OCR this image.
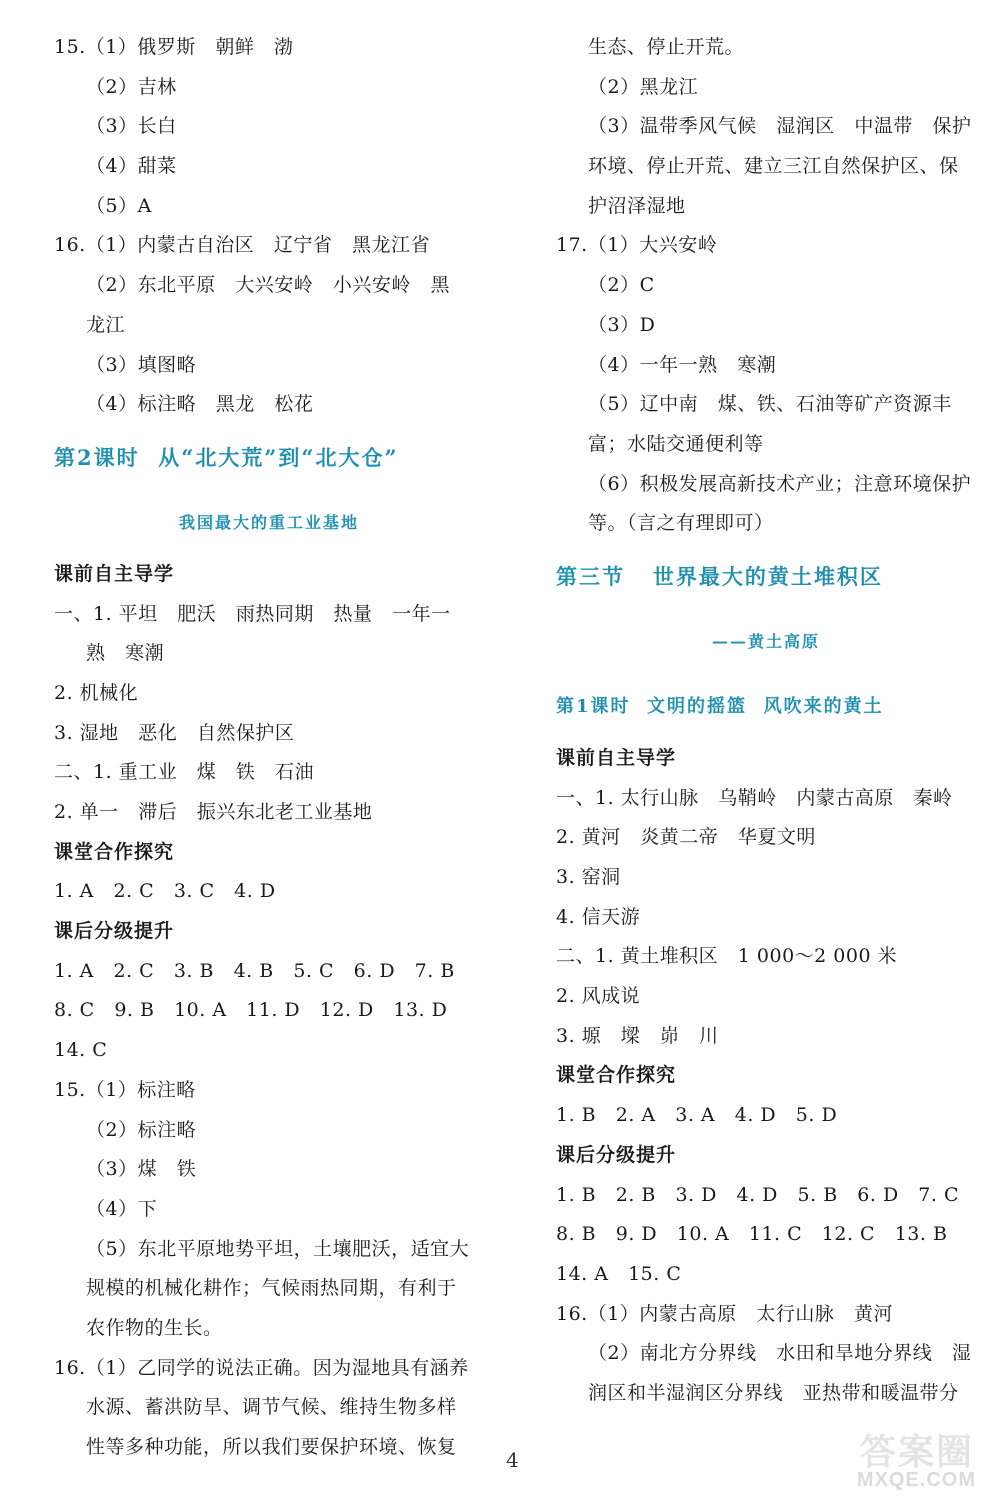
15.（1）俄罗斯   朝鲜   渤
（2）吉林
（3）长白
（4）甜菜
（5）A
16.（1）内蒙古自治区   辽宁省   黑龙江省
（2）东北平原   大兴安岭   小兴安岭   黑
龙江
（3）填图略
（4）标注略   黑龙   松花
第2课时  从“北大荒”到“北大仓”
我国最大的重工业基地
课前自主导学
一、1. 平坦   肥沃   雨热同期   热量   一年一
熟   寒潮
2. 机械化
3. 湿地   恶化   自然保护区
二、1. 重工业   煤   铁   石油
2. 单一   滞后   振兴东北老工业基地
课堂合作探究
1. A   2. C   3. C   4. D
课后分级提升
1. A   2. C   3. B   4. B   5. C   6. D   7. B
8. C   9. B   10. A   11. D   12. D   13. D
14. C
15.（1）标注略
（2）标注略
（3）煤   铁
（4）下
（5）东北平原地势平坦，土壤肥沃，适宜大
规模的机械化耕作；气候雨热同期，有利于
农作物的生长。
16.（1）乙同学的说法正确。因为湿地具有涵养
水源、蓄洪防旱、调节气候、维持生物多样
性等多种功能，所以我们要保护环境、恢复
生态、停止开荒。
（2）黑龙江
（3）温带季风气候   湿润区   中温带   保护
环境、停止开荒、建立三江自然保护区、保
护沼泽湿地
17.（1）大兴安岭
（2）C
（3）D
（4）一年一熟   寒潮
（5）辽中南   煤、铁、石油等矿产资源丰
富；水陆交通便利等
（6）积极发展高新技术产业；注意环境保护
等。（言之有理即可）
第三节   世界最大的黄土堆积区
——黄土高原
第1课时  文明的摇篮  风吹来的黄土
课前自主导学
一、1. 太行山脉   乌鞘岭   内蒙古高原   秦岭
2. 黄河   炎黄二帝   华夏文明
3. 窑洞
4. 信天游
二、1. 黄土堆积区   1 000～2 000 米
2. 风成说
3. 塬   墚   峁   川
课堂合作探究
1. B   2. A   3. A   4. D   5. D
课后分级提升
1. B   2. B   3. D   4. D   5. B   6. D   7. C
8. B   9. D   10. A   11. C   12. C   13. B
14. A   15. C
16.（1）内蒙古高原   太行山脉   黄河
（2）南北方分界线   水田和旱地分界线   湿
润区和半湿润区分界线   亚热带和暖温带分
4	答案圈
MXQE.COM
